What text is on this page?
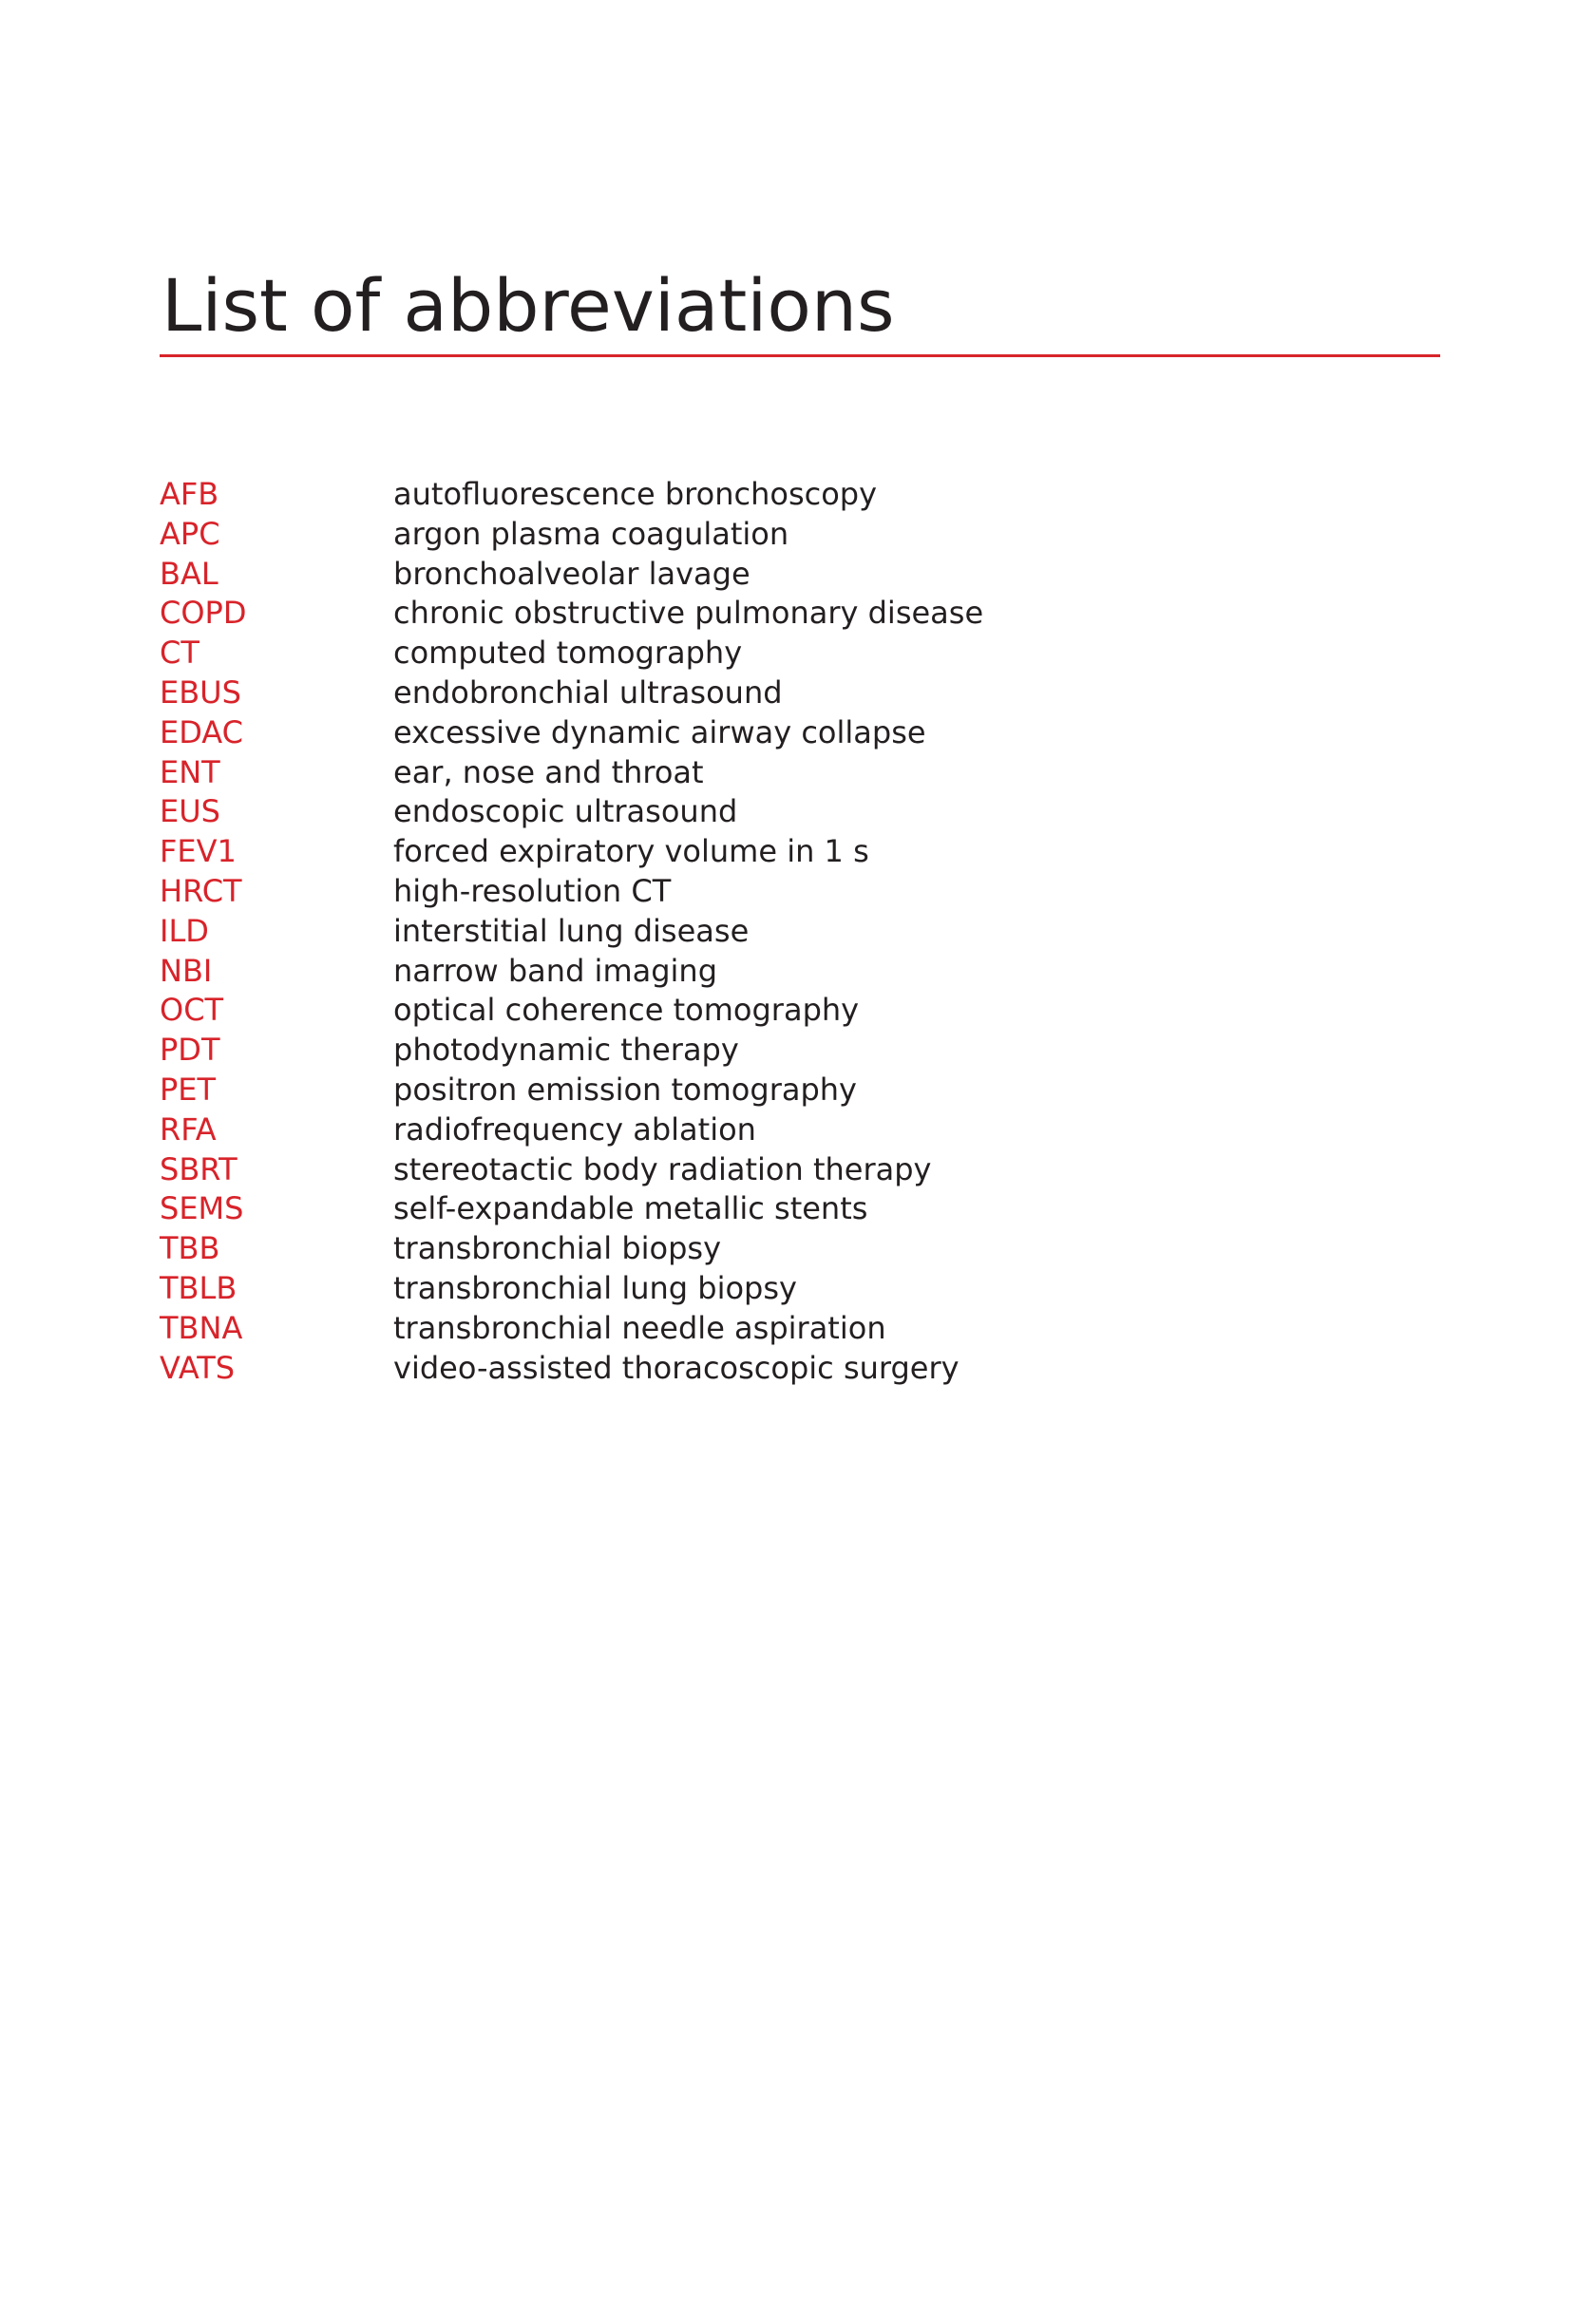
List of abbreviations
AFB	autofluorescence bronchoscopy
APC	argon plasma coagulation
BAL	bronchoalveolar lavage
COPD	chronic obstructive pulmonary disease
CT	computed tomography
EBUS	endobronchial ultrasound
EDAC	excessive dynamic airway collapse
ENT	ear, nose and throat
EUS	endoscopic ultrasound
FEV1	forced expiratory volume in 1 s
HRCT	high-resolution CT
ILD	interstitial lung disease
NBI	narrow band imaging
OCT	optical coherence tomography
PDT	photodynamic therapy
PET	positron emission tomography
RFA	radiofrequency ablation
SBRT	stereotactic body radiation therapy
SEMS	self-expandable metallic stents
TBB	transbronchial biopsy
TBLB	transbronchial lung biopsy
TBNA	transbronchial needle aspiration
VATS	video-assisted thoracoscopic surgery
